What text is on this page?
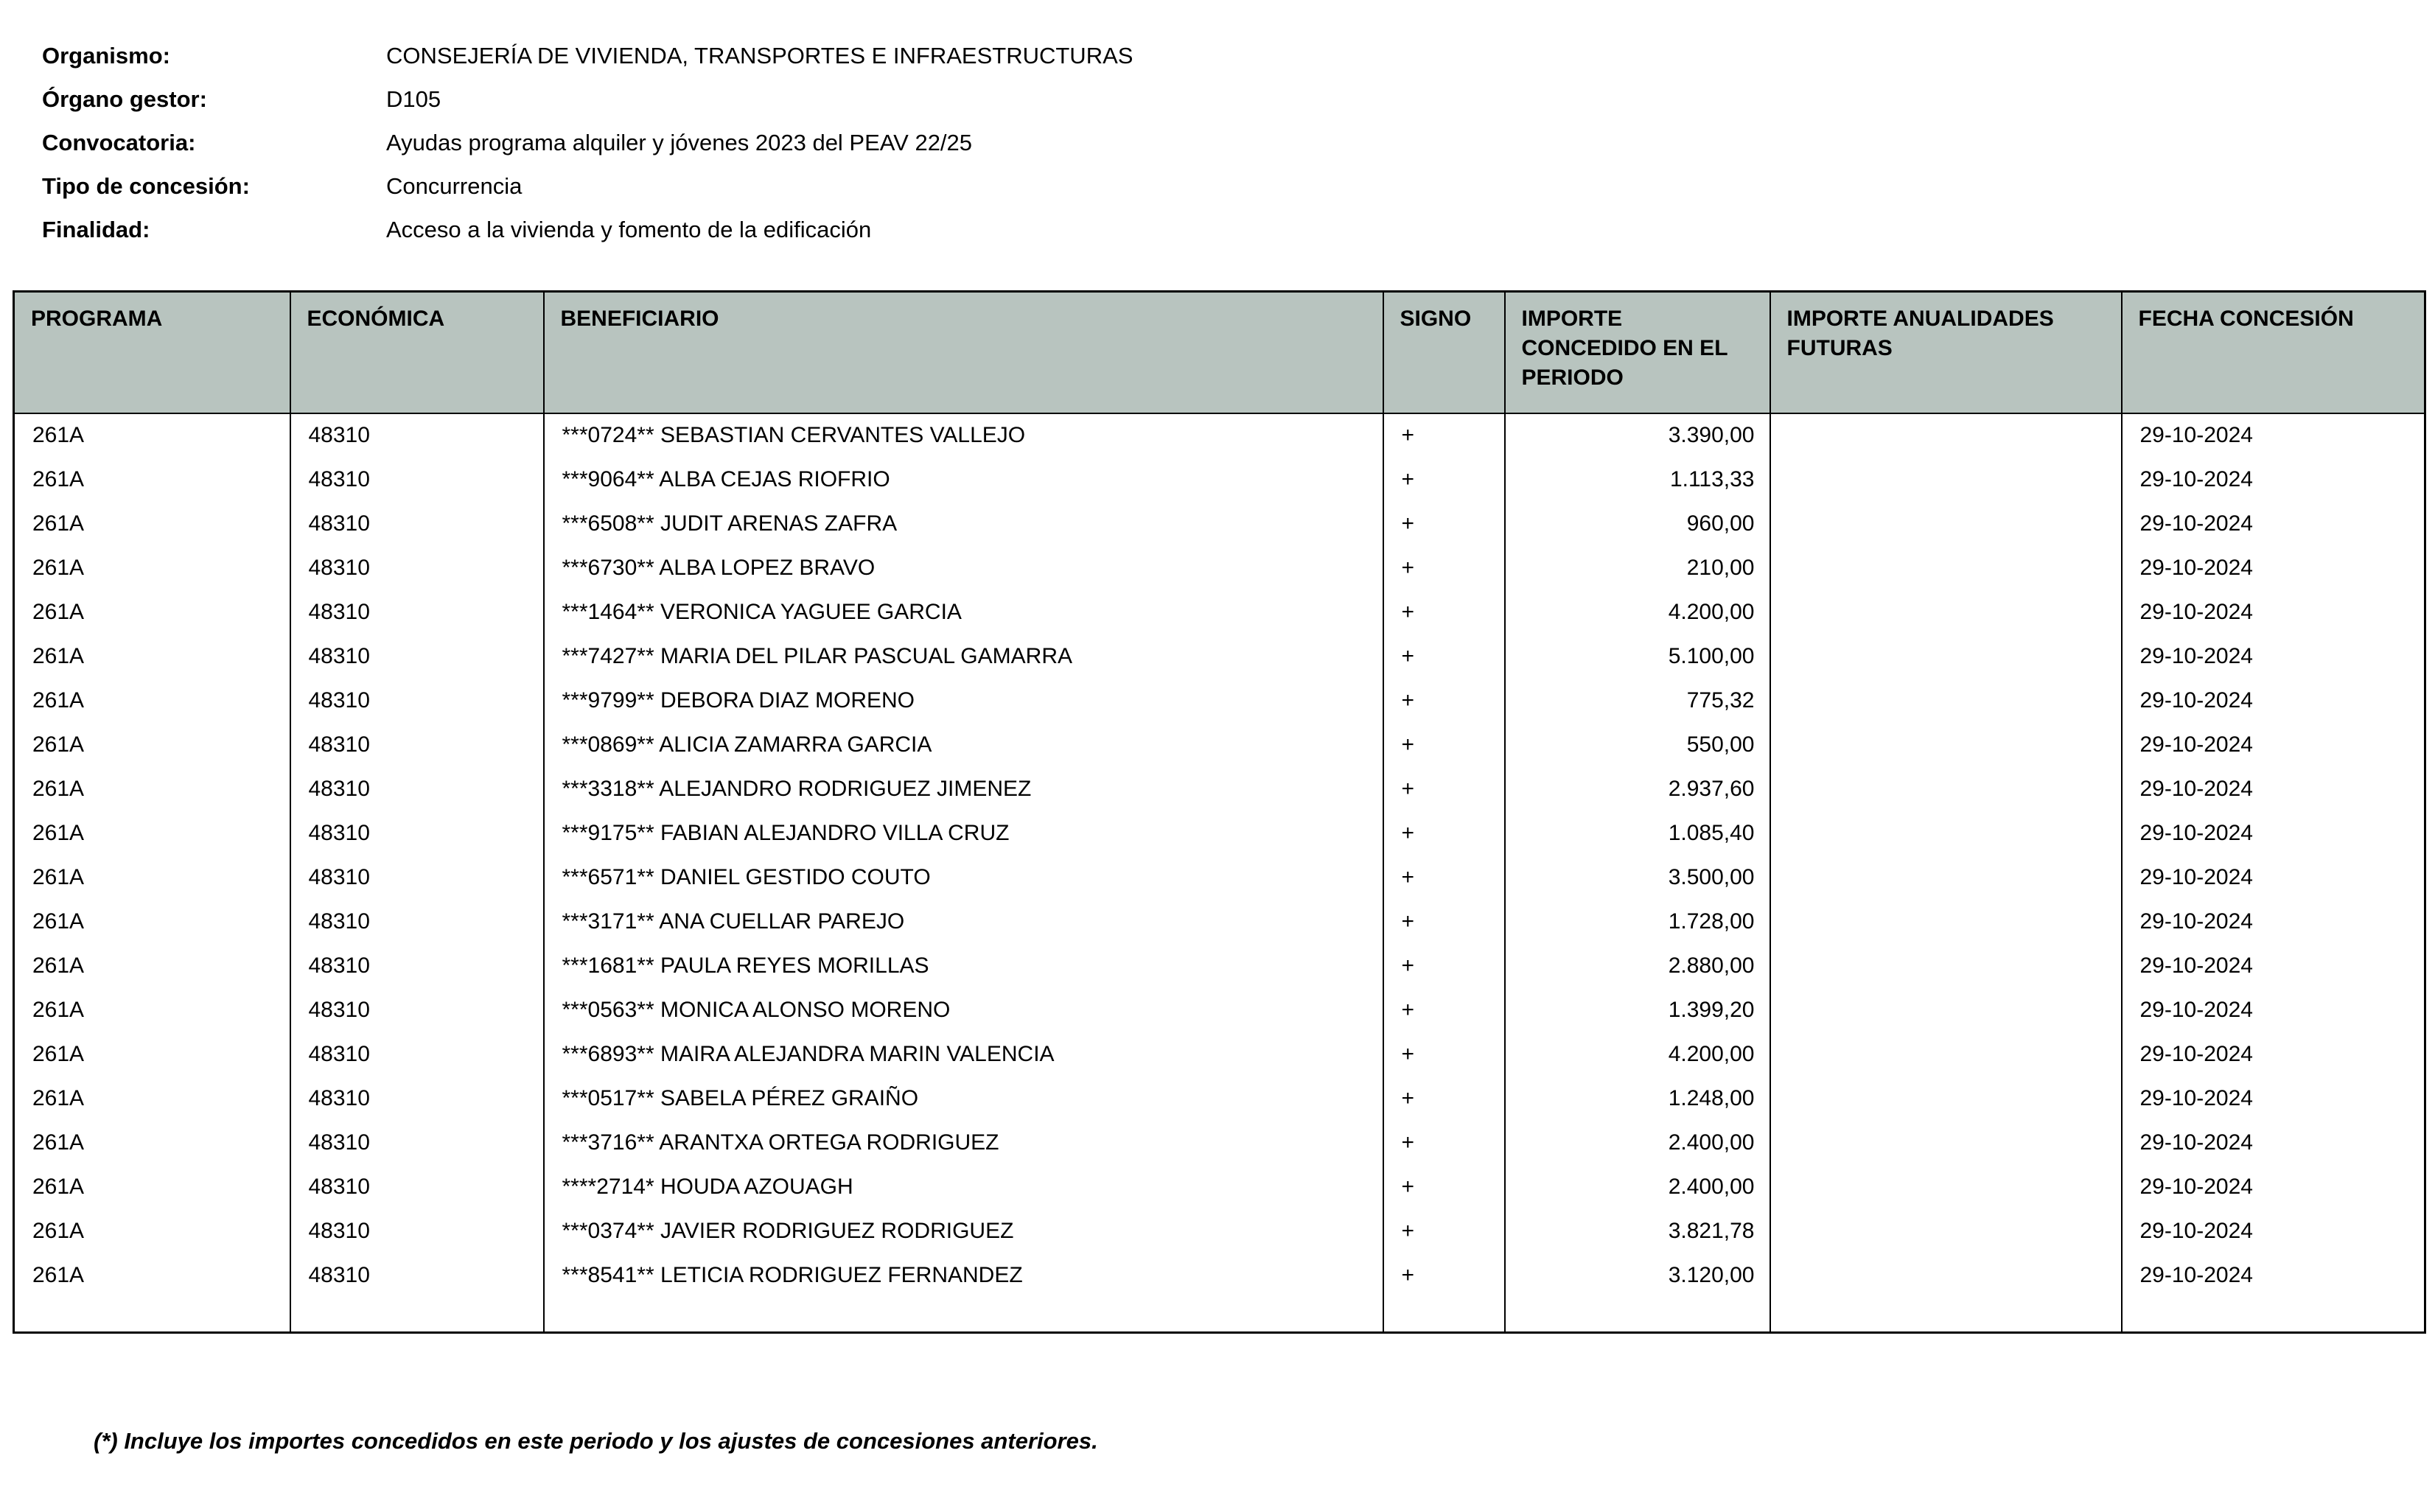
Organismo:	CONSEJERÍA DE VIVIENDA, TRANSPORTES E INFRAESTRUCTURAS
Órgano gestor:	D105
Convocatoria:	Ayudas programa alquiler y jóvenes 2023 del PEAV 22/25
Tipo de concesión:	Concurrencia
Finalidad:	Acceso a la vivienda y fomento de la edificación
PROGRAMA	ECONÓMICA	BENEFICIARIO	SIGNO	IMPORTE CONCEDIDO EN EL PERIODO	IMPORTE ANUALIDADES FUTURAS	FECHA CONCESIÓN
261A	48310	***0724** SEBASTIAN CERVANTES VALLEJO	+	3.390,00		29-10-2024
261A	48310	***9064** ALBA CEJAS RIOFRIO	+	1.113,33		29-10-2024
261A	48310	***6508** JUDIT ARENAS ZAFRA	+	960,00		29-10-2024
261A	48310	***6730** ALBA LOPEZ BRAVO	+	210,00		29-10-2024
261A	48310	***1464** VERONICA YAGUEE GARCIA	+	4.200,00		29-10-2024
261A	48310	***7427** MARIA DEL PILAR PASCUAL GAMARRA	+	5.100,00		29-10-2024
261A	48310	***9799** DEBORA DIAZ MORENO	+	775,32		29-10-2024
261A	48310	***0869** ALICIA ZAMARRA GARCIA	+	550,00		29-10-2024
261A	48310	***3318** ALEJANDRO RODRIGUEZ JIMENEZ	+	2.937,60		29-10-2024
261A	48310	***9175** FABIAN ALEJANDRO VILLA CRUZ	+	1.085,40		29-10-2024
261A	48310	***6571** DANIEL GESTIDO COUTO	+	3.500,00		29-10-2024
261A	48310	***3171** ANA CUELLAR PAREJO	+	1.728,00		29-10-2024
261A	48310	***1681** PAULA REYES MORILLAS	+	2.880,00		29-10-2024
261A	48310	***0563** MONICA ALONSO MORENO	+	1.399,20		29-10-2024
261A	48310	***6893** MAIRA ALEJANDRA MARIN VALENCIA	+	4.200,00		29-10-2024
261A	48310	***0517** SABELA PÉREZ GRAIÑO	+	1.248,00		29-10-2024
261A	48310	***3716** ARANTXA ORTEGA RODRIGUEZ	+	2.400,00		29-10-2024
261A	48310	****2714* HOUDA AZOUAGH	+	2.400,00		29-10-2024
261A	48310	***0374** JAVIER RODRIGUEZ RODRIGUEZ	+	3.821,78		29-10-2024
261A	48310	***8541** LETICIA RODRIGUEZ FERNANDEZ	+	3.120,00		29-10-2024

(*) Incluye los importes concedidos en este periodo y los ajustes de concesiones anteriores.
